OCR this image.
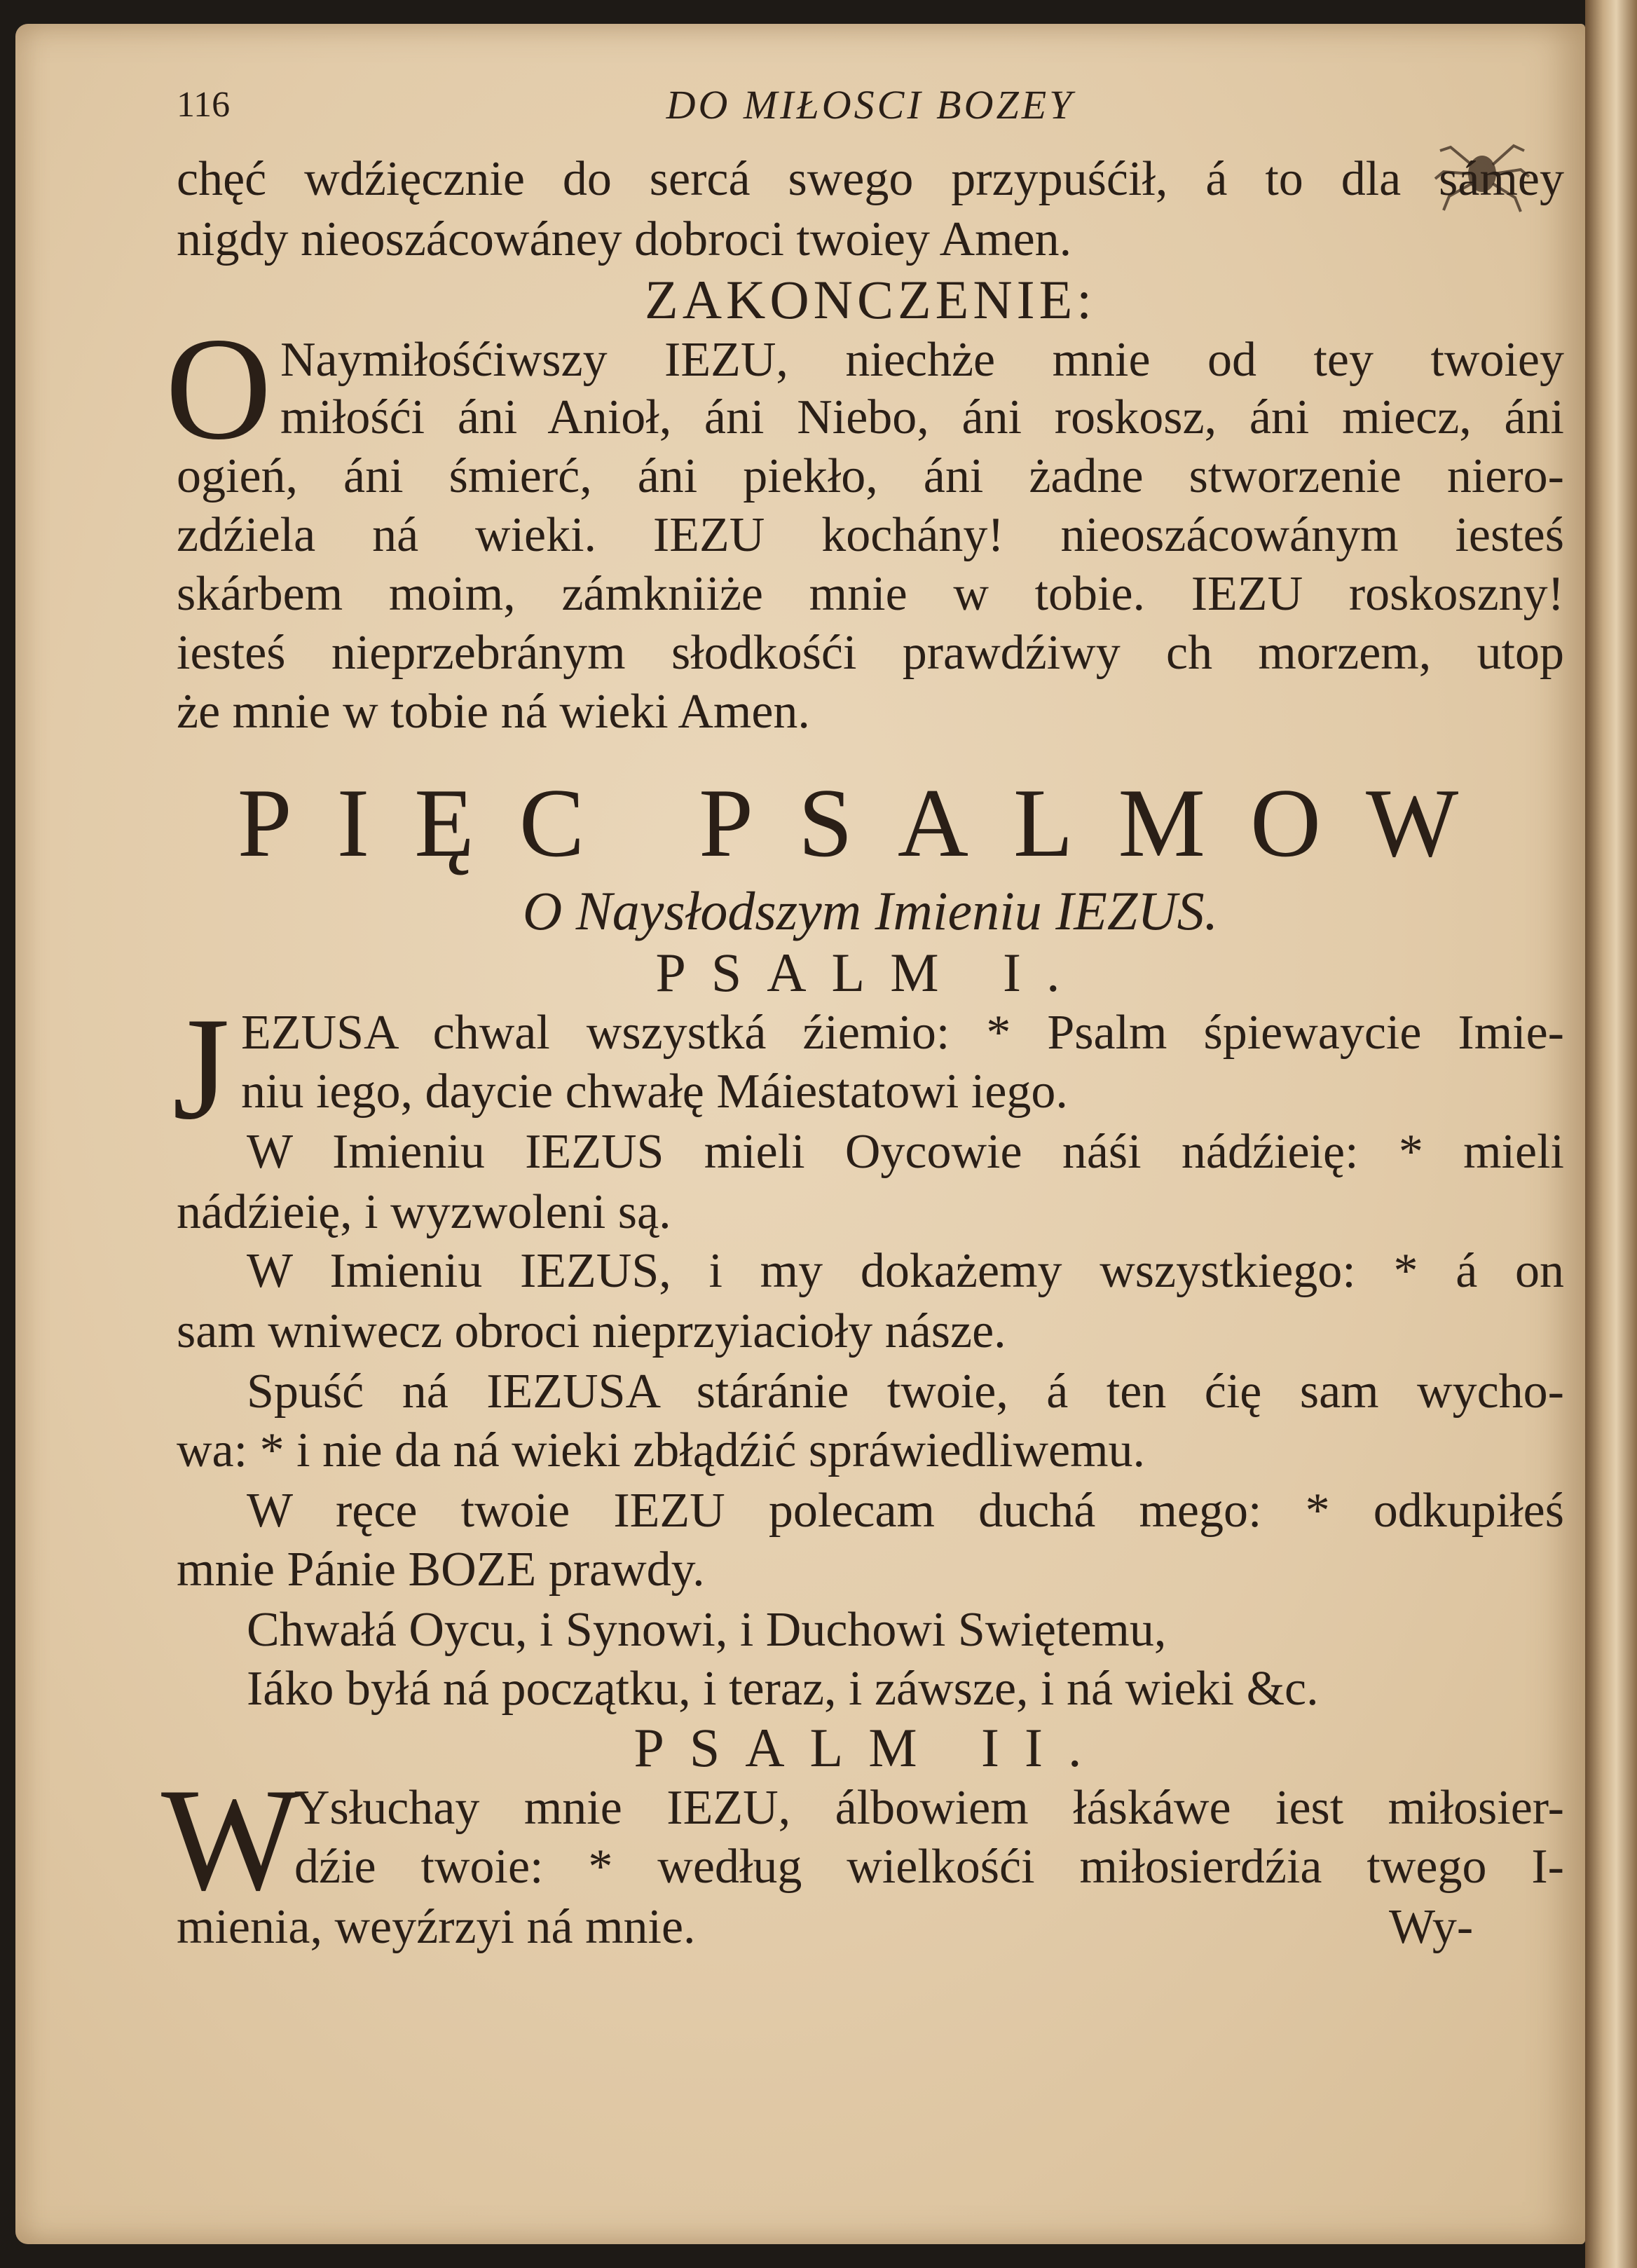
116	DO MIŁOSCI BOZEY
chęć wdźięcznie do sercá swego przypuśćił, á to dla sámey
nigdy nieoszácowáney dobroci twoiey Amen.
ZAKONCZENIE:
O Naymiłośćiwszy IEZU, niechże mnie od tey twoiey
miłośći áni Anioł, áni Niebo, áni roskosz, áni miecz, áni
ogień, áni śmierć, áni piekło, áni żadne stworzenie niero-
zdźiela ná wieki. IEZU kochány! nieoszácowánym iesteś
skárbem moim, zámkniiże mnie w tobie. IEZU roskoszny!
iesteś nieprzebránym słodkośći prawdźiwy ch morzem, utop
że mnie w tobie ná wieki Amen.
PIĘC PSALMOW
O Naysłodszym Imieniu IEZUS.
PSALM I.
J EZUSA chwal wszystká źiemio: * Psalm śpiewaycie Imie-
niu iego, daycie chwałę Máiestatowi iego.
W Imieniu IEZUS mieli Oycowie náśi nádźieię: * mieli
nádźieię, i wyzwoleni są.
W Imieniu IEZUS, i my dokażemy wszystkiego: * á on
sam wniwecz obroci nieprzyiacioły násze.
Spuść ná IEZUSA stáránie twoie, á ten ćię sam wycho-
wa: * i nie da ná wieki zbłądźić spráwiedliwemu.
W ręce twoie IEZU polecam duchá mego: * odkupiłeś
mnie Pánie BOZE prawdy.
Chwałá Oycu, i Synowi, i Duchowi Swiętemu,
Iáko byłá ná początku, i teraz, i záwsze, i ná wieki &c.
PSALM II.
W
Ysłuchay mnie IEZU, álbowiem łáskáwe iest miłosier-
dźie twoie: * według wielkośći miłosierdźia twego I-
mienia, weyźrzyi ná mnie.	Wy-
